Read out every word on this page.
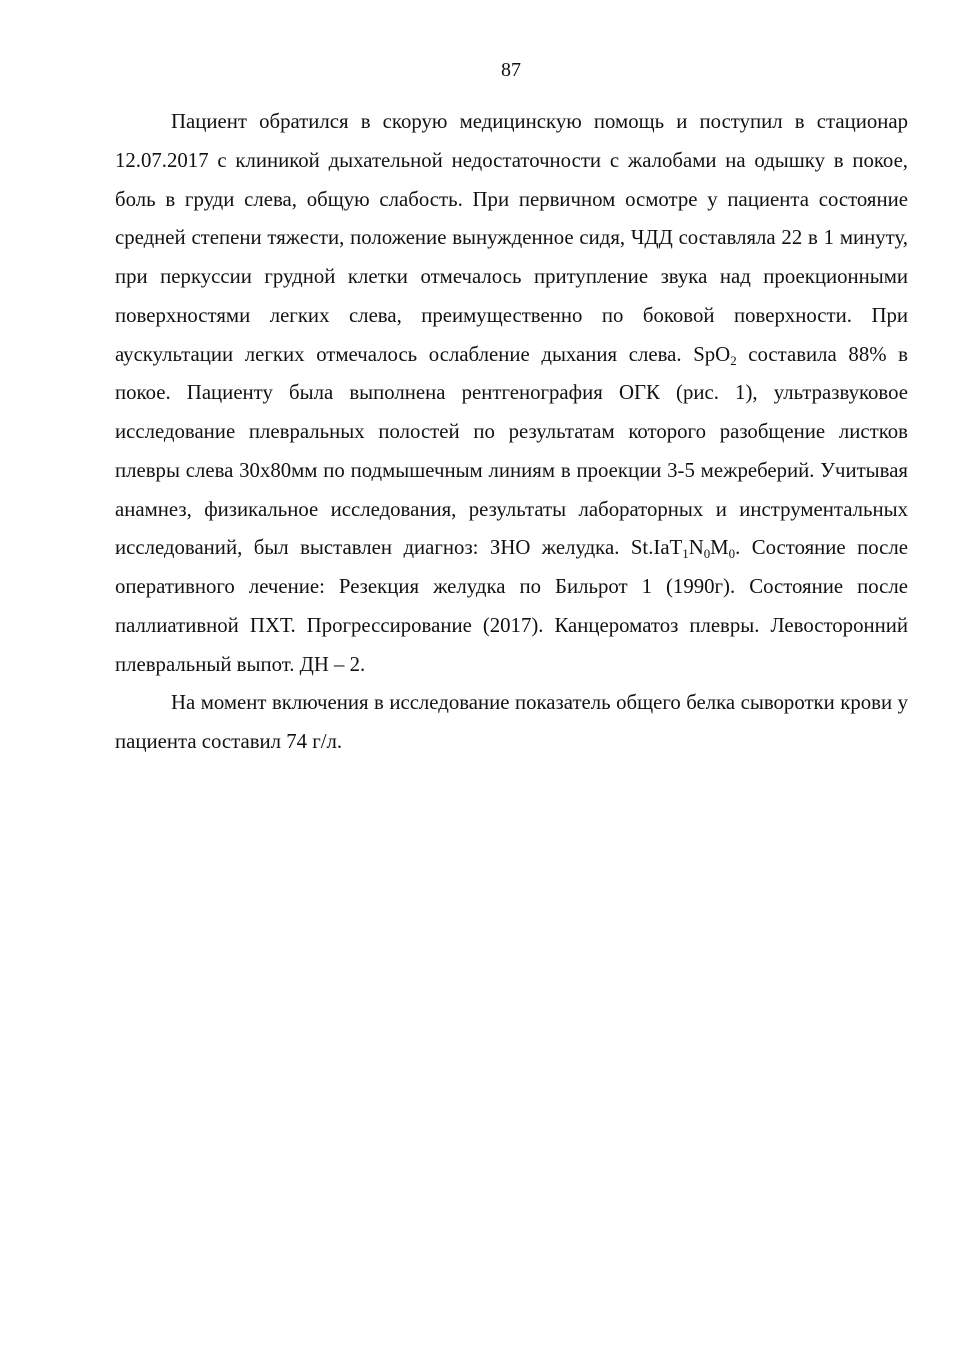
87

Пациент обратился в скорую медицинскую помощь и поступил в стационар 12.07.2017 с клиникой дыхательной недостаточности с жалобами на одышку в покое, боль в груди слева, общую слабость. При первичном осмотре у пациента состояние средней степени тяжести, положение вынужденное сидя, ЧДД составляла 22 в 1 минуту, при перкуссии грудной клетки отмечалось притупление звука над проекционными поверхностями легких слева, преимущественно по боковой поверхности. При аускультации легких отмечалось ослабление дыхания слева. SpO$_2$ составила 88% в покое. Пациенту была выполнена рентгенография ОГК (рис. 1), ультразвуковое исследование плевральных полостей по результатам которого разобщение листков плевры слева 30х80мм по подмышечным линиям в проекции 3-5 межреберий. Учитывая анамнез, физикальное исследования, результаты лабораторных и инструментальных исследований, был выставлен диагноз: ЗНО желудка. $St.IaT_1N_0M_0$. Состояние после оперативного лечение: Резекция желудка по Бильрот 1 (1990г). Состояние после паллиативной ПХТ. Прогрессирование (2017). Канцероматоз плевры. Левосторонний плевральный выпот. ДН – 2.

На момент включения в исследование показатель общего белка сыворотки крови у пациента составил 74 г/л.
